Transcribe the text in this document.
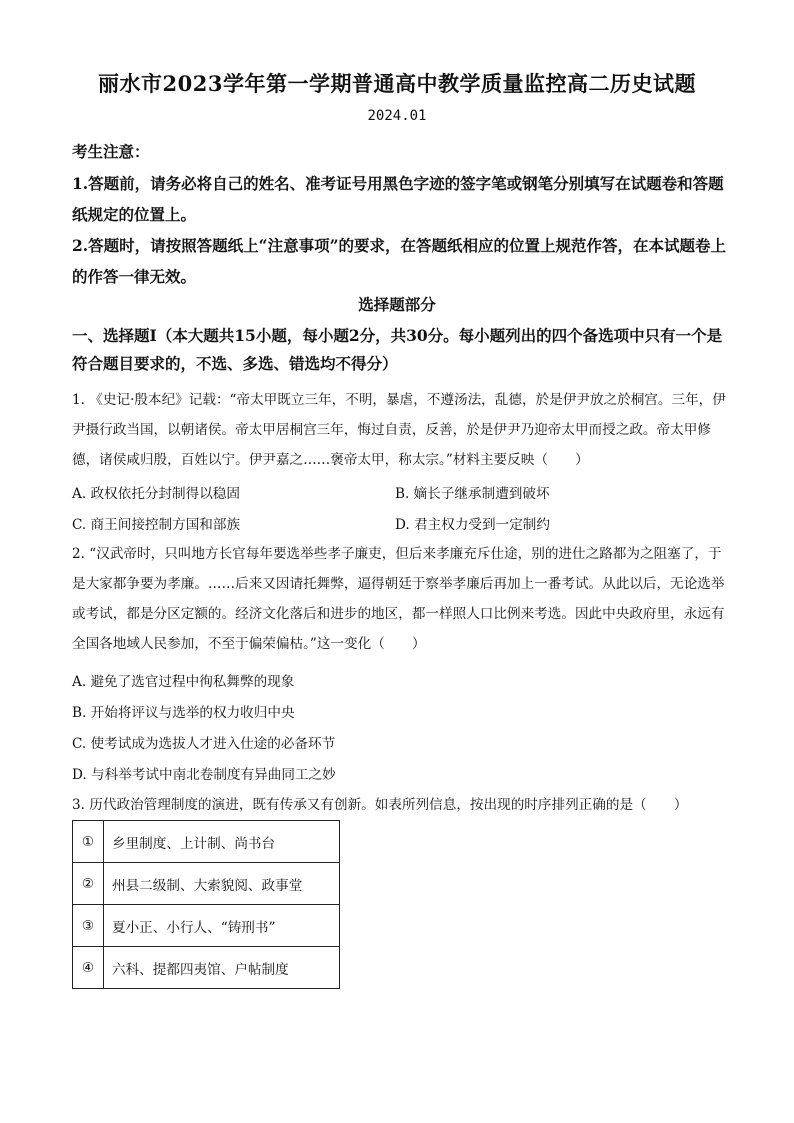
丽水市2023学年第一学期普通高中教学质量监控高二历史试题
2024.01
考生注意：
1.答题前，请务必将自己的姓名、准考证号用黑色字迹的签字笔或钢笔分别填写在试题卷和答题纸规定的位置上。
2.答题时，请按照答题纸上“注意事项”的要求，在答题纸相应的位置上规范作答，在本试题卷上的作答一律无效。
选择题部分
一、选择题Ⅰ（本大题共15小题，每小题2分，共30分。每小题列出的四个备选项中只有一个是符合题目要求的，不选、多选、错选均不得分）
1. 《史记·殷本纪》记载：“帝太甲既立三年，不明，暴虐，不遵汤法，乱德，於是伊尹放之於桐宫。三年，伊尹摄行政当国，以朝诸侯。帝太甲居桐宫三年，悔过自责，反善，於是伊尹乃迎帝太甲而授之政。帝太甲修德，诸侯咸归殷，百姓以宁。伊尹嘉之……褒帝太甲，称太宗。”材料主要反映（　　）
A. 政权依托分封制得以稳固	B. 嫡长子继承制遭到破坏
C. 商王间接控制方国和部族	D. 君主权力受到一定制约
2. “汉武帝时，只叫地方长官每年要选举些孝子廉吏，但后来孝廉充斥仕途，别的进仕之路都为之阻塞了，于是大家都争要为孝廉。……后来又因请托舞弊，逼得朝廷于察举孝廉后再加上一番考试。从此以后，无论选举或考试，都是分区定额的。经济文化落后和进步的地区，都一样照人口比例来考选。因此中央政府里，永远有全国各地域人民参加，不至于偏荣偏枯。”这一变化（　　）
A. 避免了选官过程中徇私舞弊的现象
B. 开始将评议与选举的权力收归中央
C. 使考试成为选拔人才进入仕途的必备环节
D. 与科举考试中南北卷制度有异曲同工之妙
3. 历代政治管理制度的演进，既有传承又有创新。如表所列信息，按出现的时序排列正确的是（　　）
①	乡里制度、上计制、尚书台
②	州县二级制、大索貌阅、政事堂
③	夏小正、小行人、“铸刑书”
④	六科、提都四夷馆、户帖制度
